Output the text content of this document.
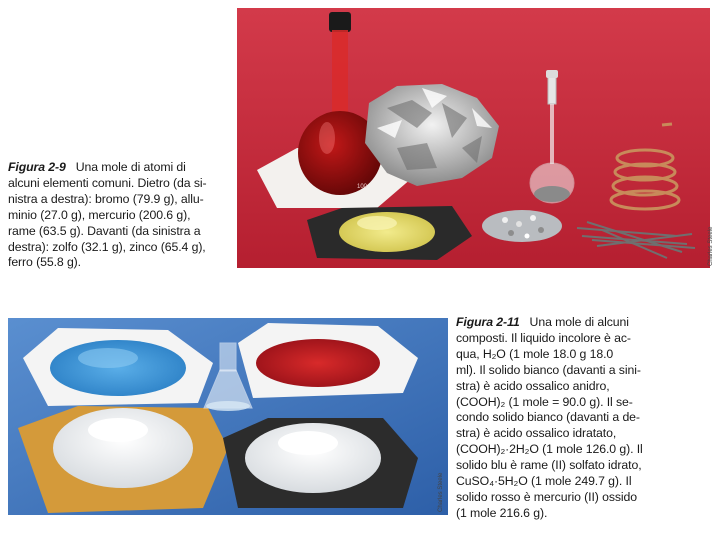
100
Charles Steele

Figura 2-9 Una mole di atomi di

alcuni elementi comuni. Dietro (da si-

nistra a destra): bromo (79.9 g), allu-

minio (27.0 g), mercurio (200.6 g),

rame (63.5 g). Davanti (da sinistra a

destra): zolfo (32.1 g), zinco (65.4 g),

ferro (55.8 g).

Charles Steele

Figura 2-11 Una mole di alcuni

composti. Il liquido incolore è ac-

qua, H₂O (1 mole 18.0 g 18.0

ml). Il solido bianco (davanti a sini-

stra) è acido ossalico anidro,

(COOH)₂ (1 mole = 90.0 g). Il se-

condo solido bianco (davanti a de-

stra) è acido ossalico idratato,

(COOH)₂·2H₂O (1 mole 126.0 g). Il

solido blu è rame (II) solfato idrato,

CuSO₄·5H₂O (1 mole 249.7 g). Il

solido rosso è mercurio (II) ossido

(1 mole 216.6 g).
